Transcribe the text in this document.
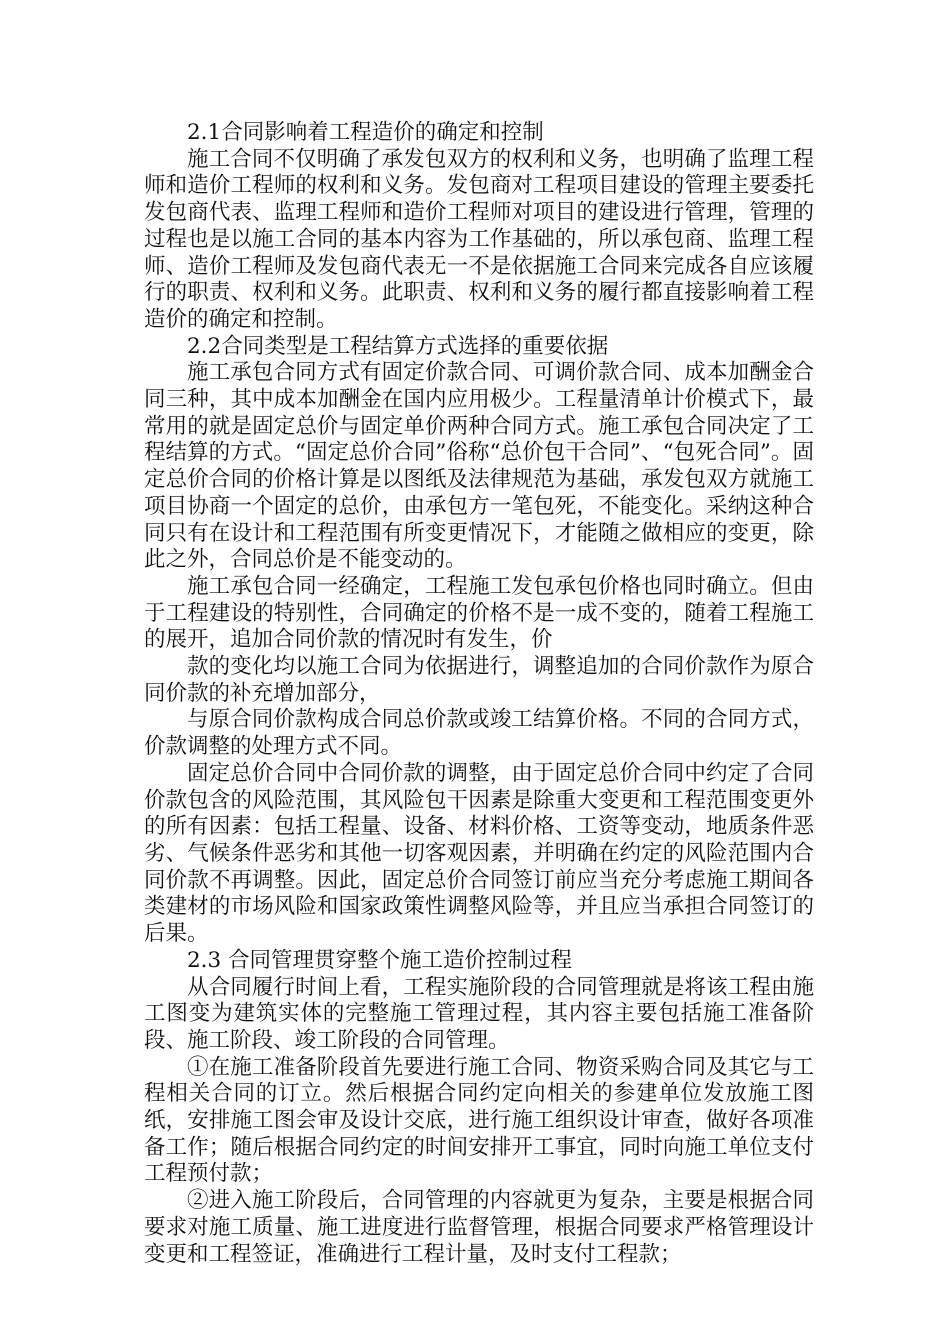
2.1合同影响着工程造价的确定和控制

施工合同不仅明确了承发包双方的权利和义务，也明确了监理工程师和造价工程师的权利和义务。发包商对工程项目建设的管理主要委托发包商代表、监理工程师和造价工程师对项目的建设进行管理，管理的过程也是以施工合同的基本内容为工作基础的，所以承包商、监理工程师、造价工程师及发包商代表无一不是依据施工合同来完成各自应该履行的职责、权利和义务。此职责、权利和义务的履行都直接影响着工程造价的确定和控制。

2.2合同类型是工程结算方式选择的重要依据

施工承包合同方式有固定价款合同、可调价款合同、成本加酬金合同三种，其中成本加酬金在国内应用极少。工程量清单计价模式下，最常用的就是固定总价与固定单价两种合同方式。施工承包合同决定了工程结算的方式。“固定总价合同”俗称“总价包干合同”、“包死合同”。固定总价合同的价格计算是以图纸及法律规范为基础，承发包双方就施工项目协商一个固定的总价，由承包方一笔包死，不能变化。采纳这种合同只有在设计和工程范围有所变更情况下，才能随之做相应的变更，除此之外，合同总价是不能变动的。

施工承包合同一经确定，工程施工发包承包价格也同时确立。但由于工程建设的特别性，合同确定的价格不是一成不变的，随着工程施工的展开，追加合同价款的情况时有发生，价

款的变化均以施工合同为依据进行，调整追加的合同价款作为原合同价款的补充增加部分，

与原合同价款构成合同总价款或竣工结算价格。不同的合同方式，价款调整的处理方式不同。

固定总价合同中合同价款的调整，由于固定总价合同中约定了合同价款包含的风险范围，其风险包干因素是除重大变更和工程范围变更外的所有因素：包括工程量、设备、材料价格、工资等变动，地质条件恶劣、气候条件恶劣和其他一切客观因素，并明确在约定的风险范围内合同价款不再调整。因此，固定总价合同签订前应当充分考虑施工期间各类建材的市场风险和国家政策性调整风险等，并且应当承担合同签订的后果。

2.3 合同管理贯穿整个施工造价控制过程

从合同履行时间上看，工程实施阶段的合同管理就是将该工程由施工图变为建筑实体的完整施工管理过程，其内容主要包括施工准备阶段、施工阶段、竣工阶段的合同管理。

①在施工准备阶段首先要进行施工合同、物资采购合同及其它与工程相关合同的订立。然后根据合同约定向相关的参建单位发放施工图纸，安排施工图会审及设计交底，进行施工组织设计审查，做好各项准备工作；随后根据合同约定的时间安排开工事宜，同时向施工单位支付工程预付款；

②进入施工阶段后，合同管理的内容就更为复杂，主要是根据合同要求对施工质量、施工进度进行监督管理，根据合同要求严格管理设计变更和工程签证，准确进行工程计量，及时支付工程款；
